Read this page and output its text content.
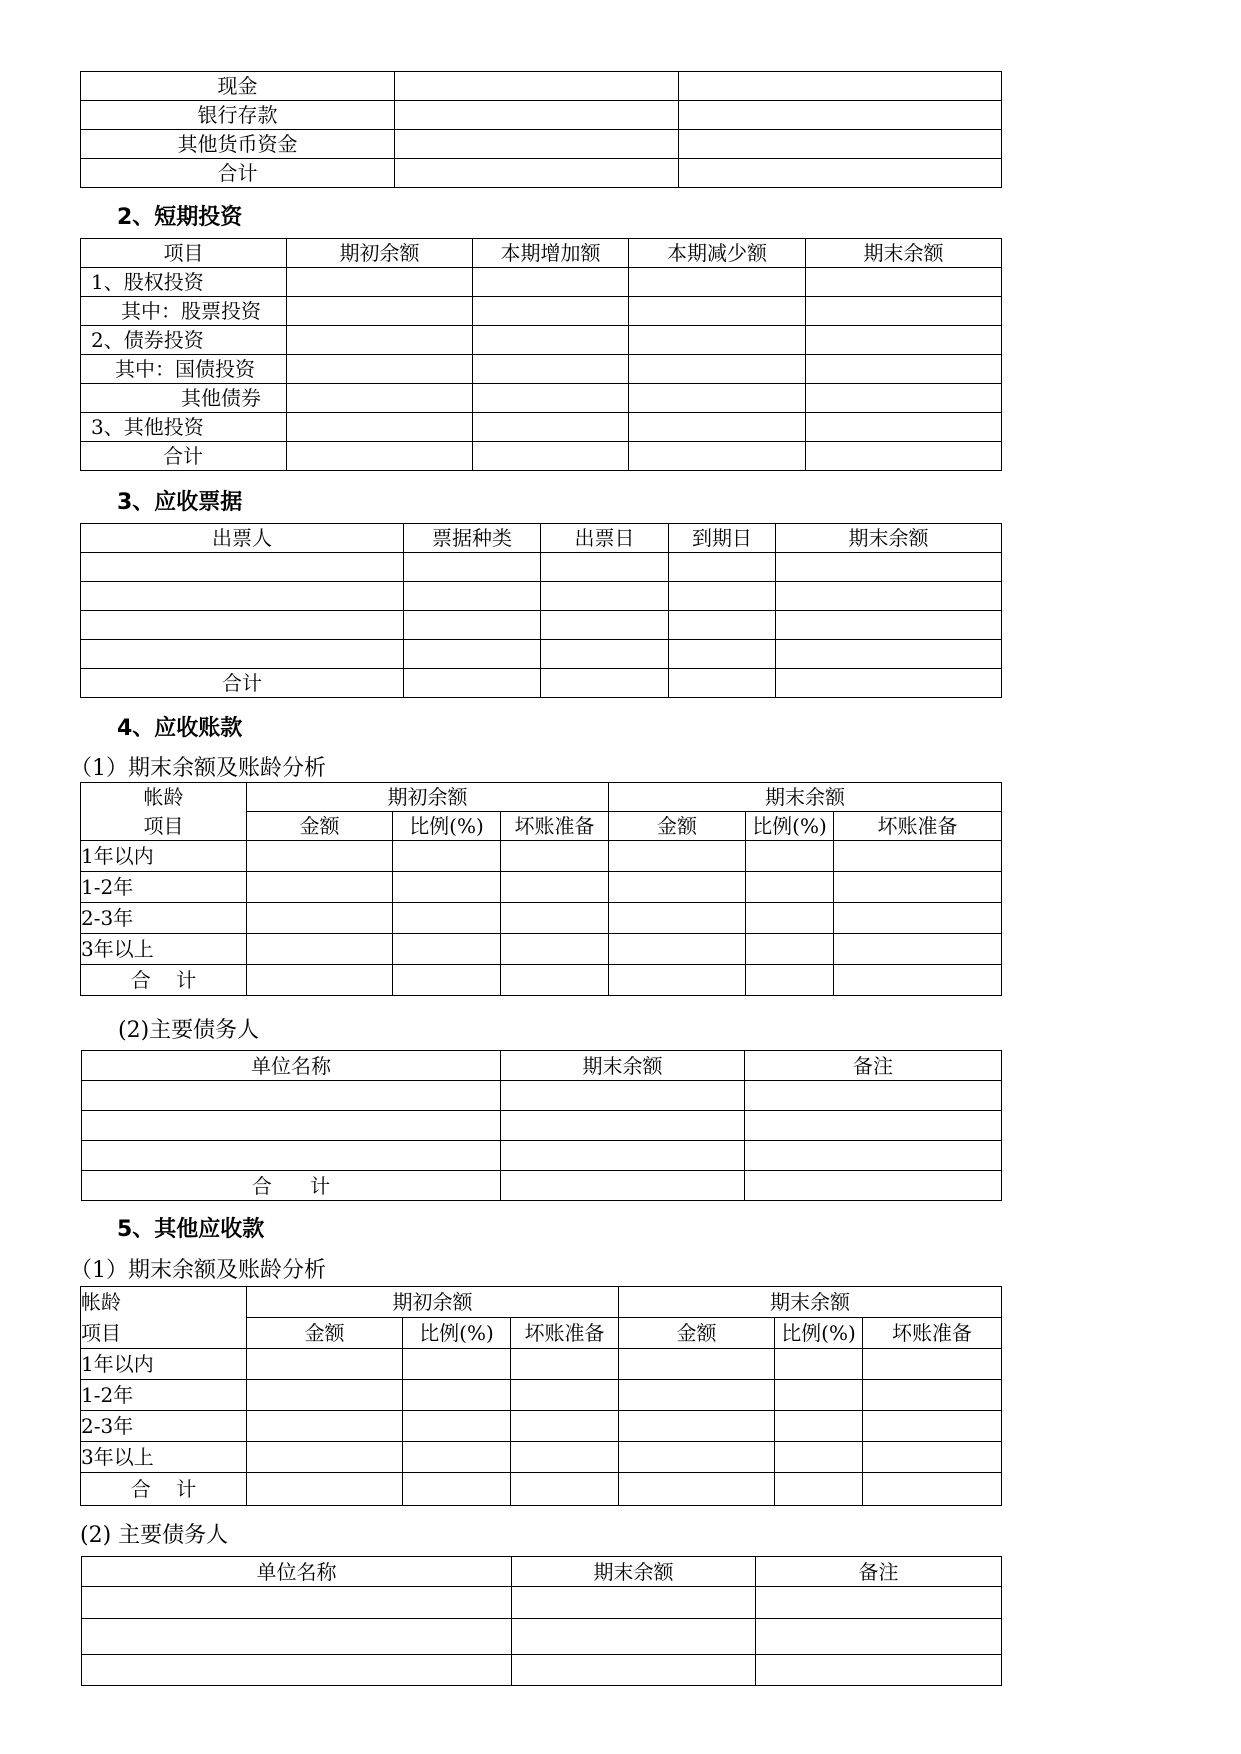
现金		
银行存款		
其他货币资金		
合计		
2、短期投资
项目	期初余额	本期增加额	本期减少额	期末余额
1、股权投资				
其中：股票投资				
2、债券投资				
其中：国债投资				
其他债券				
3、其他投资				
合计				
3、应收票据
出票人	票据种类	出票日	到期日	期末余额

合计				
4、应收账款
（1）期末余额及账龄分析
帐龄	期初余额			期末余额		
项目	金额	比例(%)	坏账准备	金额	比例(%)	坏账准备
1年以内						
1-2年						
2-3年						
3年以上						
合    计						
(2)主要债务人
单位名称	期末余额	备注

合      计		
5、其他应收款
（1）期末余额及账龄分析
帐龄	期初余额			期末余额		
项目	金额	比例(%)	坏账准备	金额	比例(%)	坏账准备
1年以内						
1-2年						
2-3年						
3年以上						
合    计						
(2) 主要债务人
单位名称	期末余额	备注
